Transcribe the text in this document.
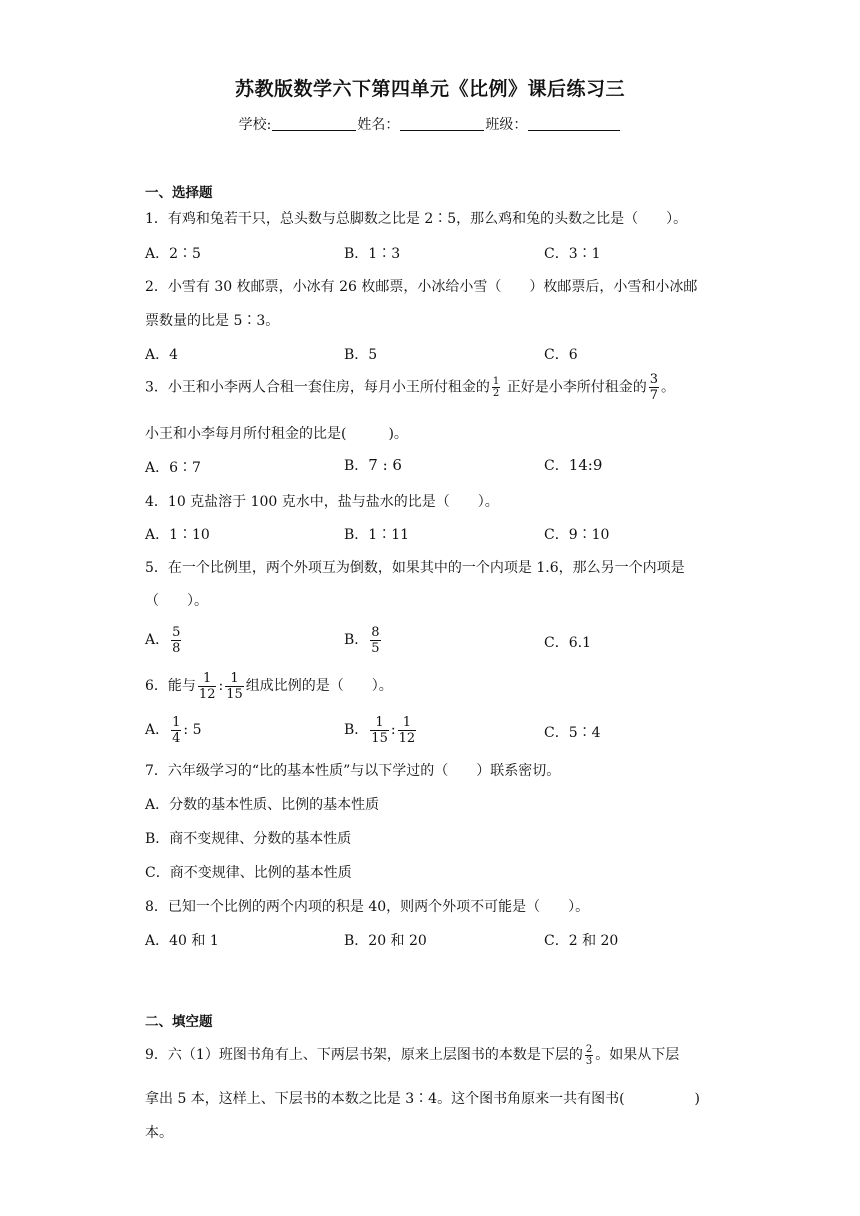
苏教版数学六下第四单元《比例》课后练习三
学校:	姓名：	班级：
一、选择题
1．有鸡和兔若干只，总头数与总脚数之比是 2∶5，那么鸡和兔的头数之比是（　　）。
A．2∶5	B．1∶3	C．3∶1
2．小雪有 30 枚邮票，小冰有 26 枚邮票，小冰给小雪（　　）枚邮票后，小雪和小冰邮
票数量的比是 5∶3。
A．4	B．5	C．6
3．小王和小李两人合租一套住房，每月小王所付租金的 $\frac{1}{2}$ 正好是小李所付租金的 $\frac{3}{7}$ 。
小王和小李每月所付租金的比是(　　　)。
A．6∶7	B．7 : 6	C．14:9
4．10 克盐溶于 100 克水中，盐与盐水的比是（　　）。
A．1∶10	B．1∶11	C．9∶10
5．在一个比例里，两个外项互为倒数，如果其中的一个内项是 1.6，那么另一个内项是
（　　）。
A． $\frac{5}{8}$	B． $\frac{8}{5}$	C．6.1
6．能与 $\frac{1}{12}$ : $\frac{1}{15}$ 组成比例的是（　　）。
A． $\frac{1}{4}$ : 5	B． $\frac{1}{15}$ : $\frac{1}{12}$	C．5∶4
7．六年级学习的“比的基本性质”与以下学过的（　　）联系密切。
A．分数的基本性质、比例的基本性质
B．商不变规律、分数的基本性质
C．商不变规律、比例的基本性质
8．已知一个比例的两个内项的积是 40，则两个外项不可能是（　　）。
A．40 和 1	B．20 和 20	C．2 和 20
二、填空题
9．六（1）班图书角有上、下两层书架，原来上层图书的本数是下层的 $\frac{2}{3}$ 。如果从下层
拿出 5 本，这样上、下层书的本数之比是 3∶4。这个图书角原来一共有图书(　　　　　)
本。
